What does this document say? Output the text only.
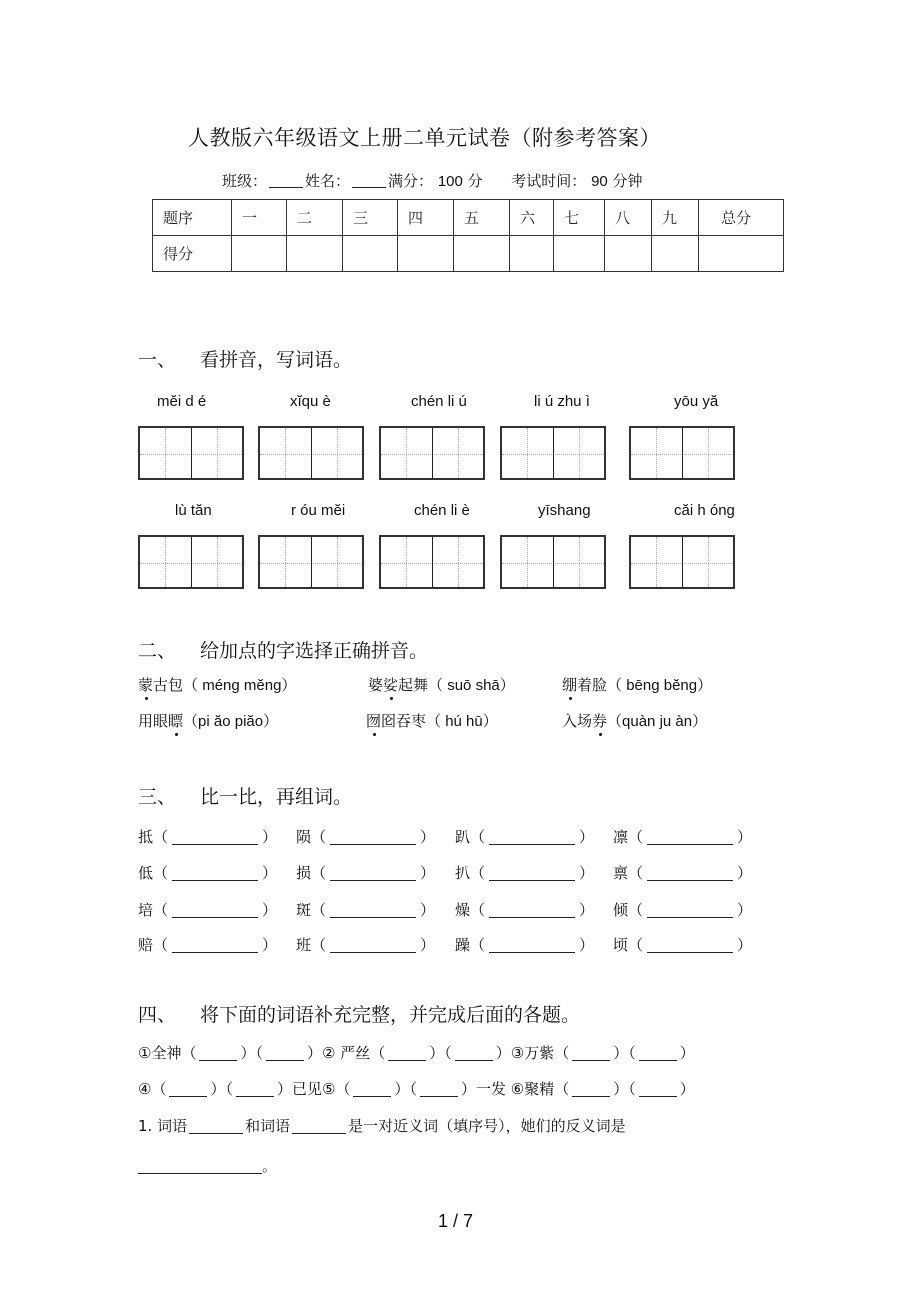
人教版六年级语文上册二单元试卷（附参考答案）
班级：	姓名：	满分： 100 分 考试时间： 90 分钟
题序	一	二	三	四	五	六	七	八	九	总分
得分										
一、 看拼音，写词语。
mĕi d é	xĭqu è	chén li ú	li ú zhu ì	yōu yă
lù tăn	r óu mĕi	chén li è	yīshang	căi h óng
二、 给加点的字选择正确拼音。
蒙古包（ méng mĕng）	婆娑起舞（ suō shā）	绷着脸（ bēng bĕng）
用眼瞟（pi ăo piăo）	囫囵吞枣（ hú hū）	入场券（quàn ju àn）
三、 比一比，再组词。
抵（	） 陨（	） 趴（	） 凛（	）
低（	） 损（	） 扒（	） 禀（	）
培（	） 斑（	） 燥（	） 倾（	）
赔（	） 班（	） 躁（	） 顷（	）
四、 将下面的词语补充完整，并完成后面的各题。
①全神（	）（	）② 严丝（	）（	）③万紫（	）（	）
④（	）（	）已见⑤（	）（	）一发 ⑥聚精（	）（	）
1. 词语	和词语	是一对近义词（填序号），她们的反义词是
。
1 / 7
